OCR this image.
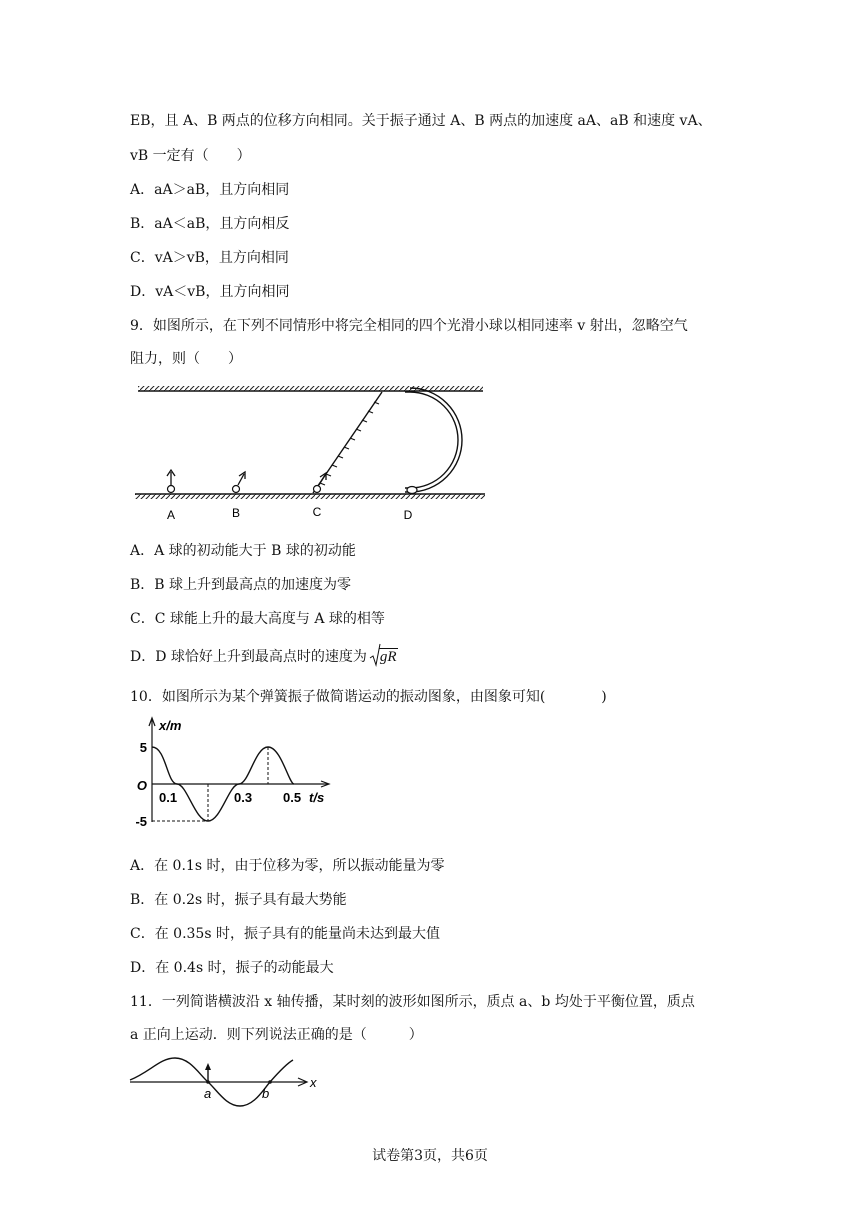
EB，且 A、B 两点的位移方向相同。关于振子通过 A、B 两点的加速度 aA、aB 和速度 vA、
vB 一定有（　　）
A．aA＞aB，且方向相同
B．aA＜aB，且方向相反
C．vA＞vB，且方向相同
D．vA＜vB，且方向相同
9．如图所示，在下列不同情形中将完全相同的四个光滑小球以相同速率 v 射出，忽略空气
阻力，则（　　）
A	B	C	D
A．A 球的初动能大于 B 球的初动能
B．B 球上升到最高点的加速度为零
C．C 球能上升的最大高度与 A 球的相等
D．D 球恰好上升到最高点时的速度为 gR
10．如图所示为某个弹簧振子做简谐运动的振动图象，由图象可知(　　　　)
x/m
5
O
-5
0.1	0.3 0.5 t/s
A．在 0.1s 时，由于位移为零，所以振动能量为零
B．在 0.2s 时，振子具有最大势能
C．在 0.35s 时，振子具有的能量尚未达到最大值
D．在 0.4s 时，振子的动能最大
11．一列简谐横波沿 x 轴传播，某时刻的波形如图所示，质点 a、b 均处于平衡位置，质点
a 正向上运动．则下列说法正确的是（　　　）
a	b
x
试卷第3页，共6页
